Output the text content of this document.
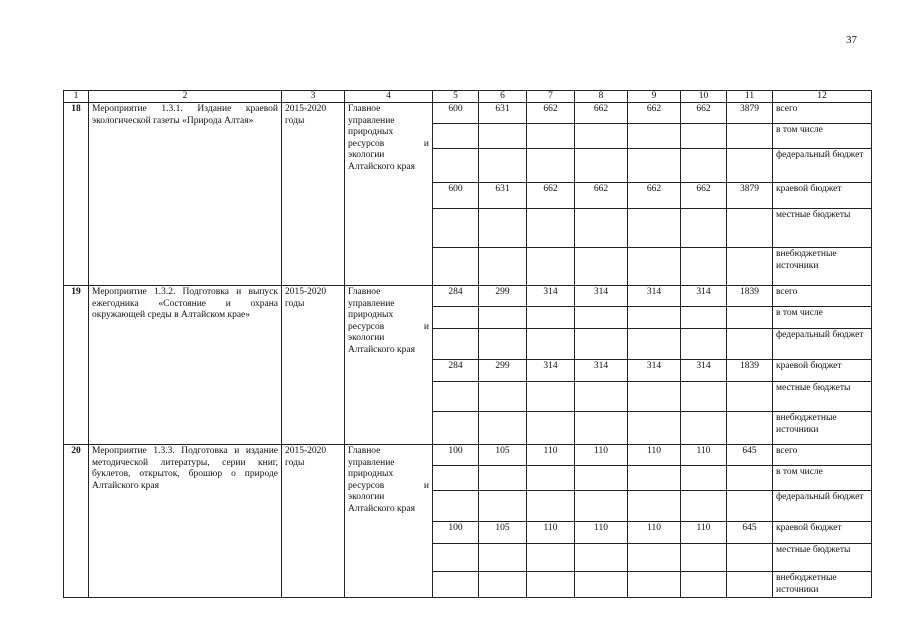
37
1	2	3	4	5	6	7	8	9	10	11	12
18	Мероприятие 1.3.1. Издание краевой экологической газеты «Природа Алтая»	2015-2020 годы	Главное управление природных ресурсов и экологии Алтайского края	600	631	662	662	662	662	3879	всего
											в том числе
											федеральный бюджет
				600	631	662	662	662	662	3879	краевой бюджет
											местные бюджеты
											внебюджетные источники
19	Мероприятие 1.3.2. Подготовка и выпуск ежегодника «Состояние и охрана окружающей среды в Алтайском крае»	2015-2020 годы	Главное управление природных ресурсов и экологии Алтайского края	284	299	314	314	314	314	1839	всего
											в том числе
											федеральный бюджет
				284	299	314	314	314	314	1839	краевой бюджет
											местные бюджеты
											внебюджетные источники
20	Мероприятие 1.3.3. Подготовка и издание методической литературы, серии книг, буклетов, открыток, брошюр о природе Алтайского края	2015-2020 годы	Главное управление природных ресурсов и экологии Алтайского края	100	105	110	110	110	110	645	всего
											в том числе
											федеральный бюджет
				100	105	110	110	110	110	645	краевой бюджет
											местные бюджеты
											внебюджетные источники
